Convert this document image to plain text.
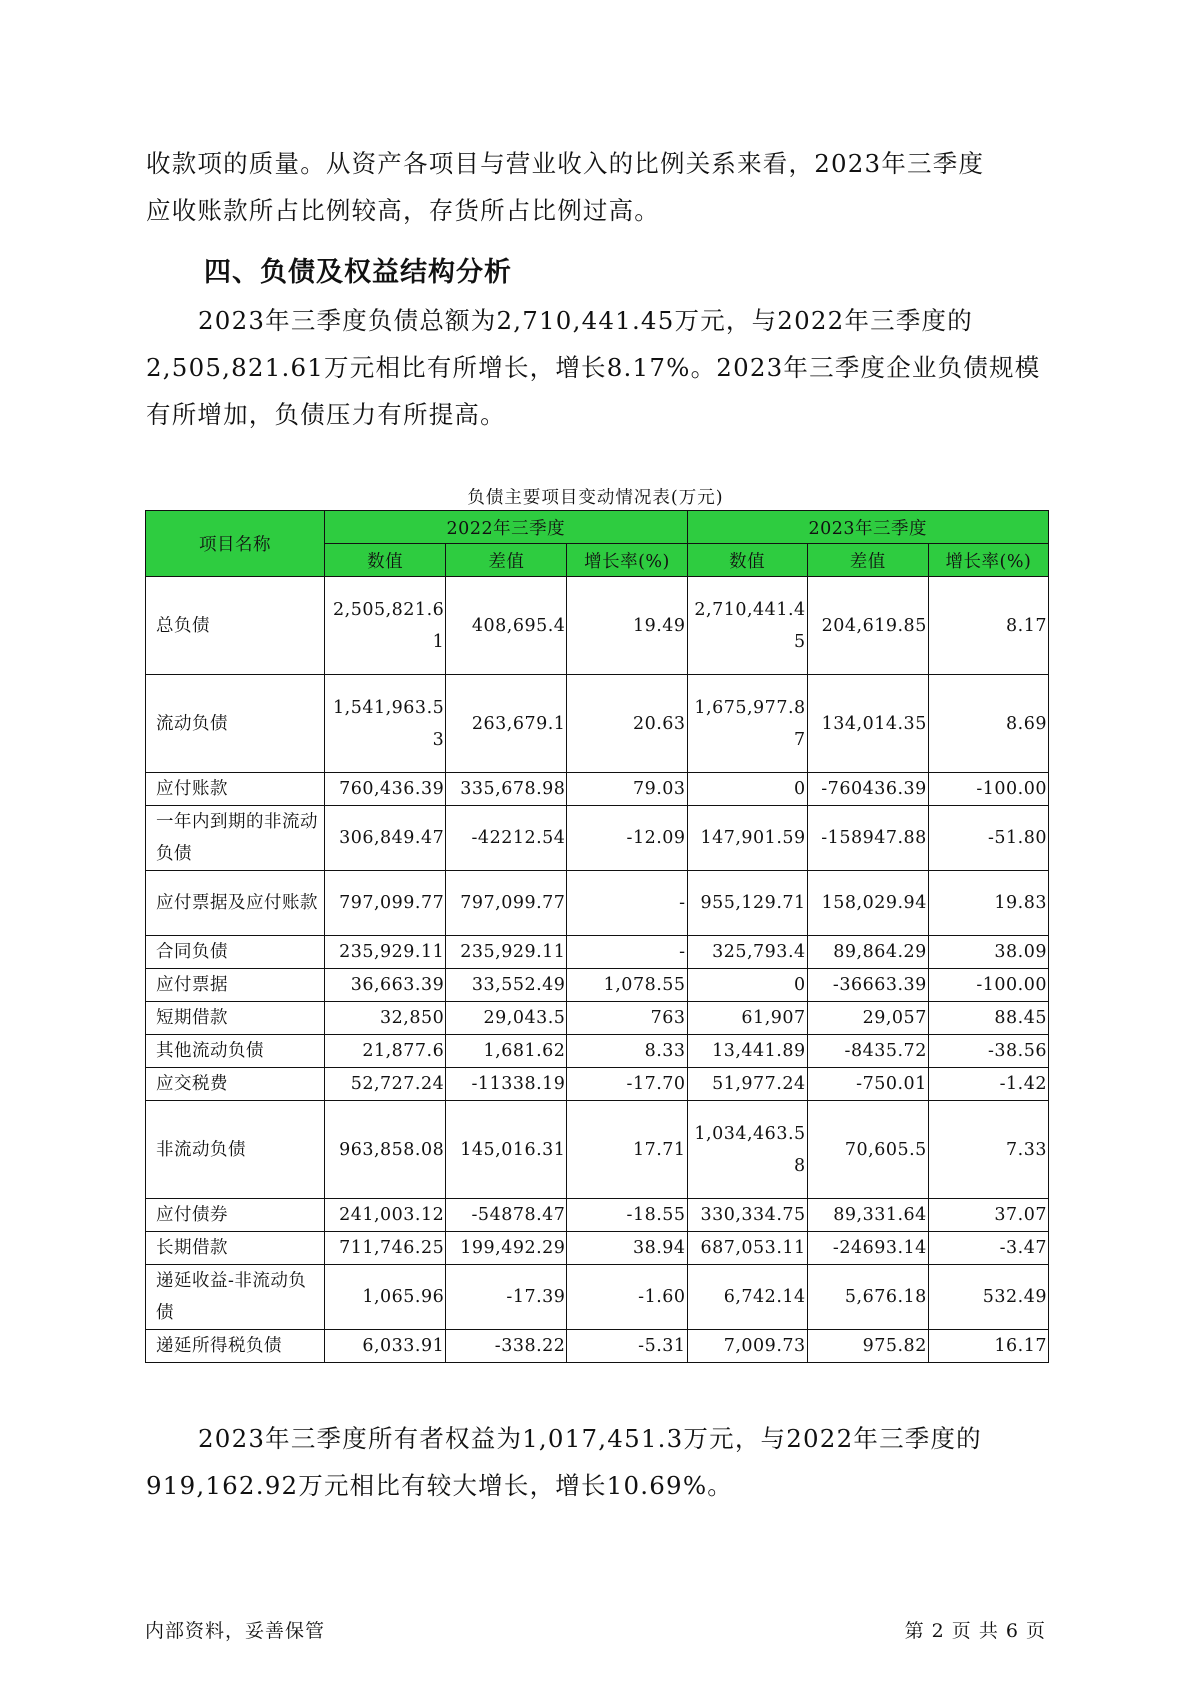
收款项的质量。从资产各项目与营业收入的比例关系来看，2023年三季度
应收账款所占比例较高，存货所占比例过高。
四、负债及权益结构分析
2023年三季度负债总额为2,710,441.45万元，与2022年三季度的
2,505,821.61万元相比有所增长，增长8.17%。2023年三季度企业负债规模
有所增加，负债压力有所提高。
负债主要项目变动情况表(万元)
项目名称	2022年三季度			2023年三季度		
	数值	差值	增长率(%)	数值	差值	增长率(%)
总负债	2,505,821.61	408,695.4	19.49	2,710,441.45	204,619.85	8.17
流动负债	1,541,963.53	263,679.1	20.63	1,675,977.87	134,014.35	8.69
应付账款	760,436.39	335,678.98	79.03	0	-760436.39	-100.00
一年内到期的非流动负债	306,849.47	-42212.54	-12.09	147,901.59	-158947.88	-51.80
应付票据及应付账款	797,099.77	797,099.77	-	955,129.71	158,029.94	19.83
合同负债	235,929.11	235,929.11	-	325,793.4	89,864.29	38.09
应付票据	36,663.39	33,552.49	1,078.55	0	-36663.39	-100.00
短期借款	32,850	29,043.5	763	61,907	29,057	88.45
其他流动负债	21,877.6	1,681.62	8.33	13,441.89	-8435.72	-38.56
应交税费	52,727.24	-11338.19	-17.70	51,977.24	-750.01	-1.42
非流动负债	963,858.08	145,016.31	17.71	1,034,463.58	70,605.5	7.33
应付债券	241,003.12	-54878.47	-18.55	330,334.75	89,331.64	37.07
长期借款	711,746.25	199,492.29	38.94	687,053.11	-24693.14	-3.47
递延收益-非流动负债	1,065.96	-17.39	-1.60	6,742.14	5,676.18	532.49
递延所得税负债	6,033.91	-338.22	-5.31	7,009.73	975.82	16.17
2023年三季度所有者权益为1,017,451.3万元，与2022年三季度的
919,162.92万元相比有较大增长，增长10.69%。
内部资料，妥善保管	第 2 页 共 6 页
